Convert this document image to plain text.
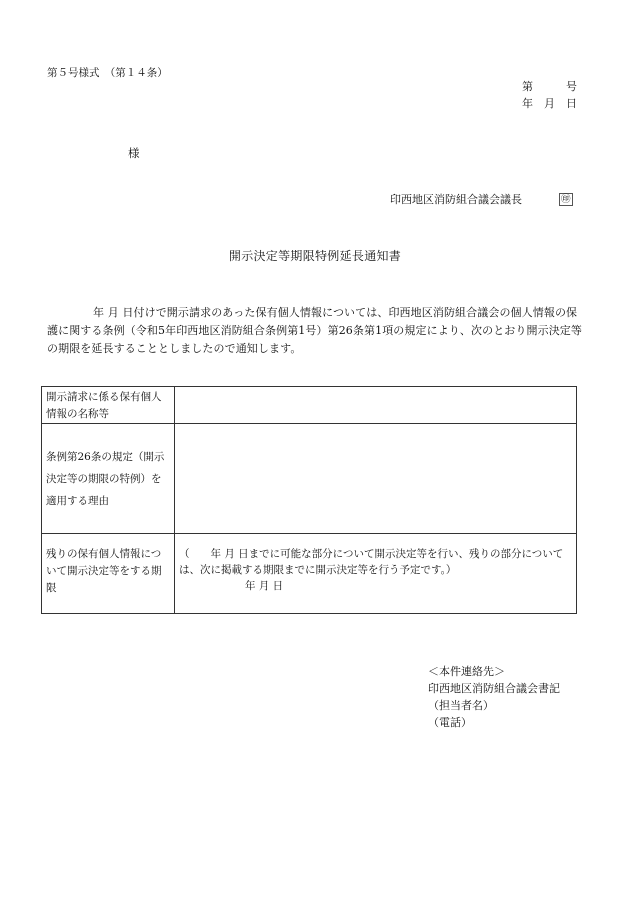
第５号様式　（第１４条）
第　　　号
年　月　日
様
印西地区消防組合議会議長	㊞
開示決定等期限特例延長通知書
年 月 日付けで開示請求のあった保有個人情報については、印西地区消防組合議会の個人情報の保護に関する条例（令和5年印西地区消防組合条例第1号）第26条第1項の規定により、次のとおり開示決定等の期限を延長することとしましたので通知します。
開示請求に係る保有個人情報の名称等	
条例第26条の規定（開示決定等の期限の特例）を適用する理由	
残りの保有個人情報について開示決定等をする期限	（　　年 月 日までに可能な部分について開示決定等を行い、残りの部分については、次に掲載する期限までに開示決定等を行う予定です。）
年 月 日
＜本件連絡先＞
印西地区消防組合議会書記
（担当者名）
（電話）
